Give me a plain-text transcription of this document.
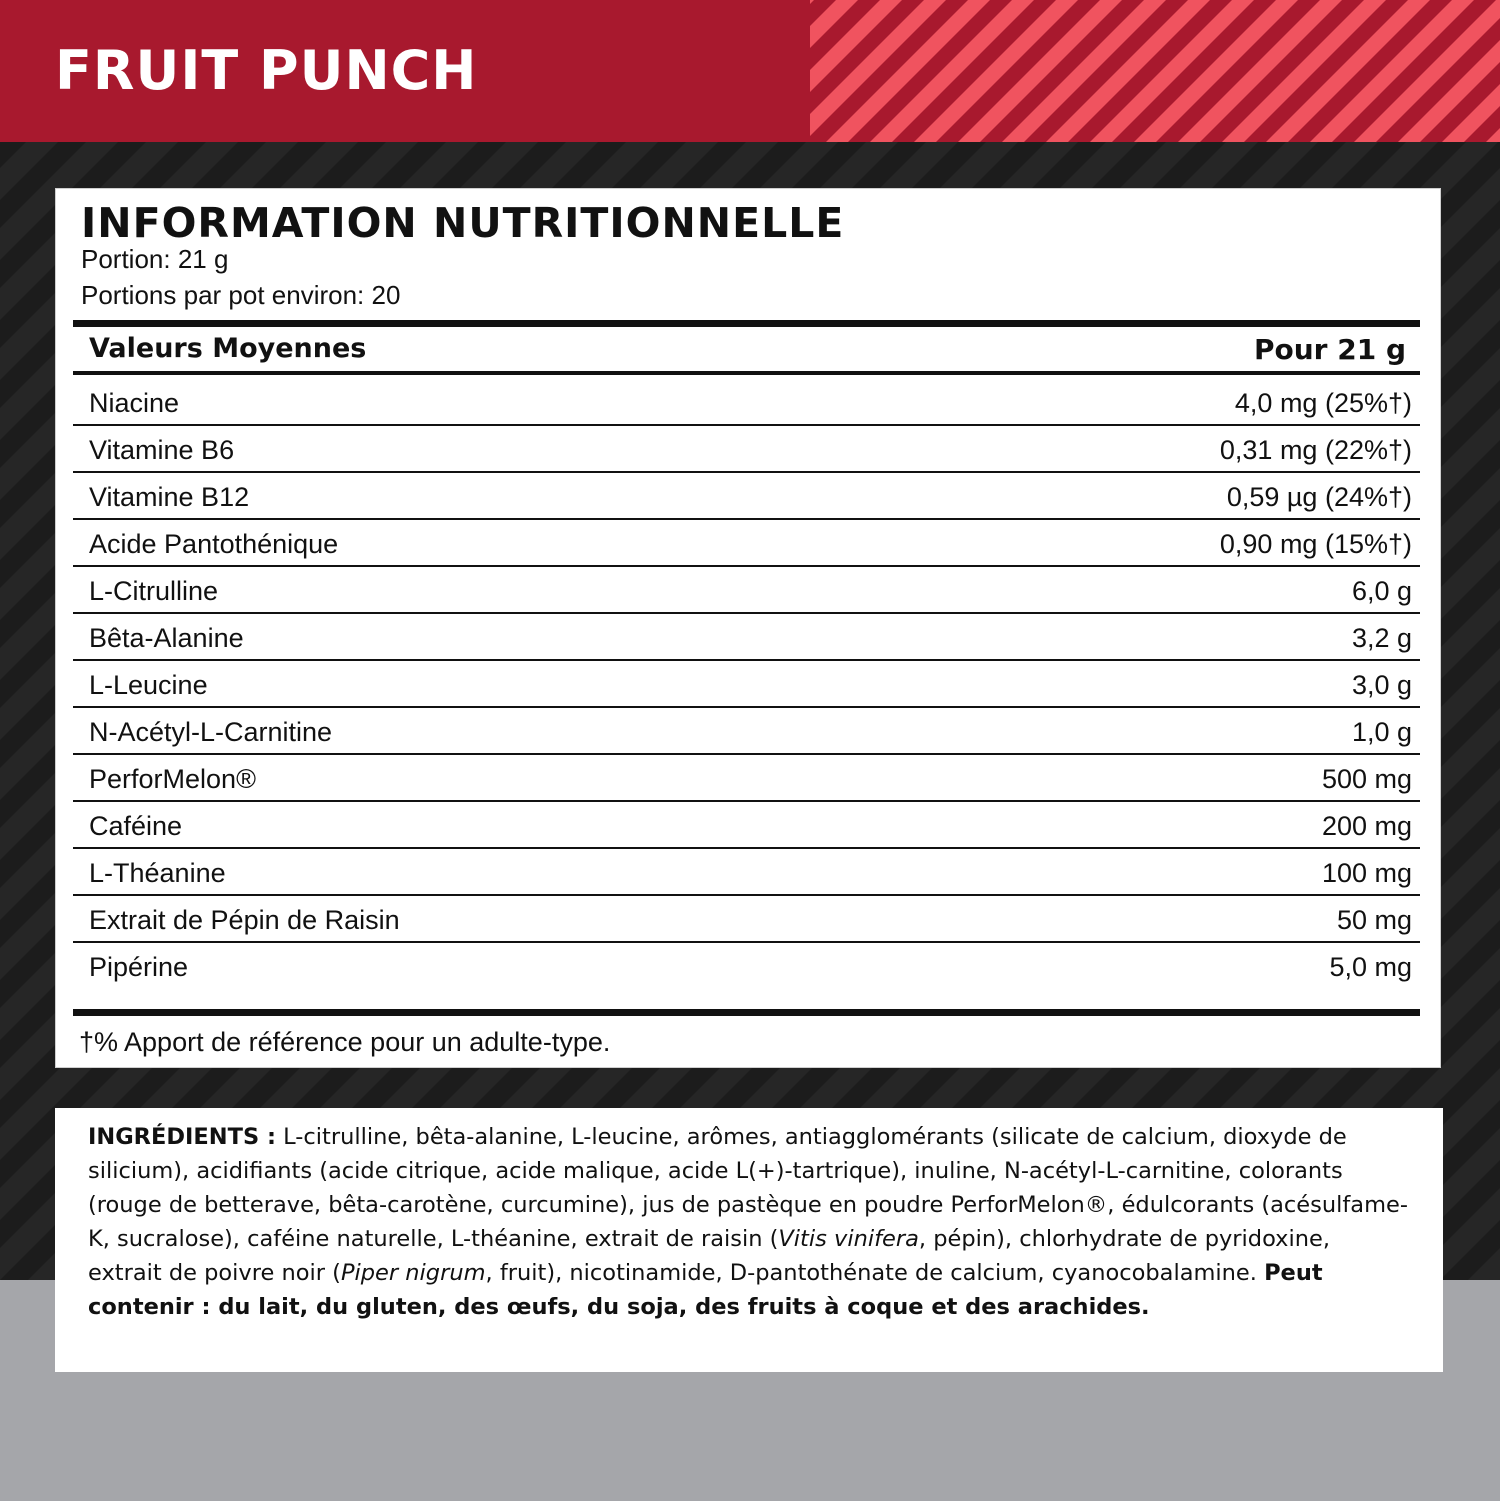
FRUIT PUNCH
INFORMATION NUTRITIONNELLE
Portion: 21 g
Portions par pot environ: 20
Valeurs Moyennes	Pour 21 g
Niacine	4,0 mg (25%†)
Vitamine B6	0,31 mg (22%†)
Vitamine B12	0,59 µg (24%†)
Acide Pantothénique	0,90 mg (15%†)
L-Citrulline	6,0 g
Bêta-Alanine	3,2 g
L-Leucine	3,0 g
N-Acétyl-L-Carnitine	1,0 g
PerforMelon®	500 mg
Caféine	200 mg
L-Théanine	100 mg
Extrait de Pépin de Raisin	50 mg
Pipérine	5,0 mg
†% Apport de référence pour un adulte-type.
INGRÉDIENTS : L-citrulline, bêta-alanine, L-leucine, arômes, antiagglomérants (silicate de calcium, dioxyde de silicium), acidifiants (acide citrique, acide malique, acide L(+)-tartrique), inuline, N-acétyl-L-carnitine, colorants (rouge de betterave, bêta-carotène, curcumine), jus de pastèque en poudre PerforMelon®, édulcorants (acésulfame-K, sucralose), caféine naturelle, L-théanine, extrait de raisin (Vitis vinifera, pépin), chlorhydrate de pyridoxine, extrait de poivre noir (Piper nigrum, fruit), nicotinamide, D-pantothénate de calcium, cyanocobalamine. Peut contenir : du lait, du gluten, des œufs, du soja, des fruits à coque et des arachides.
